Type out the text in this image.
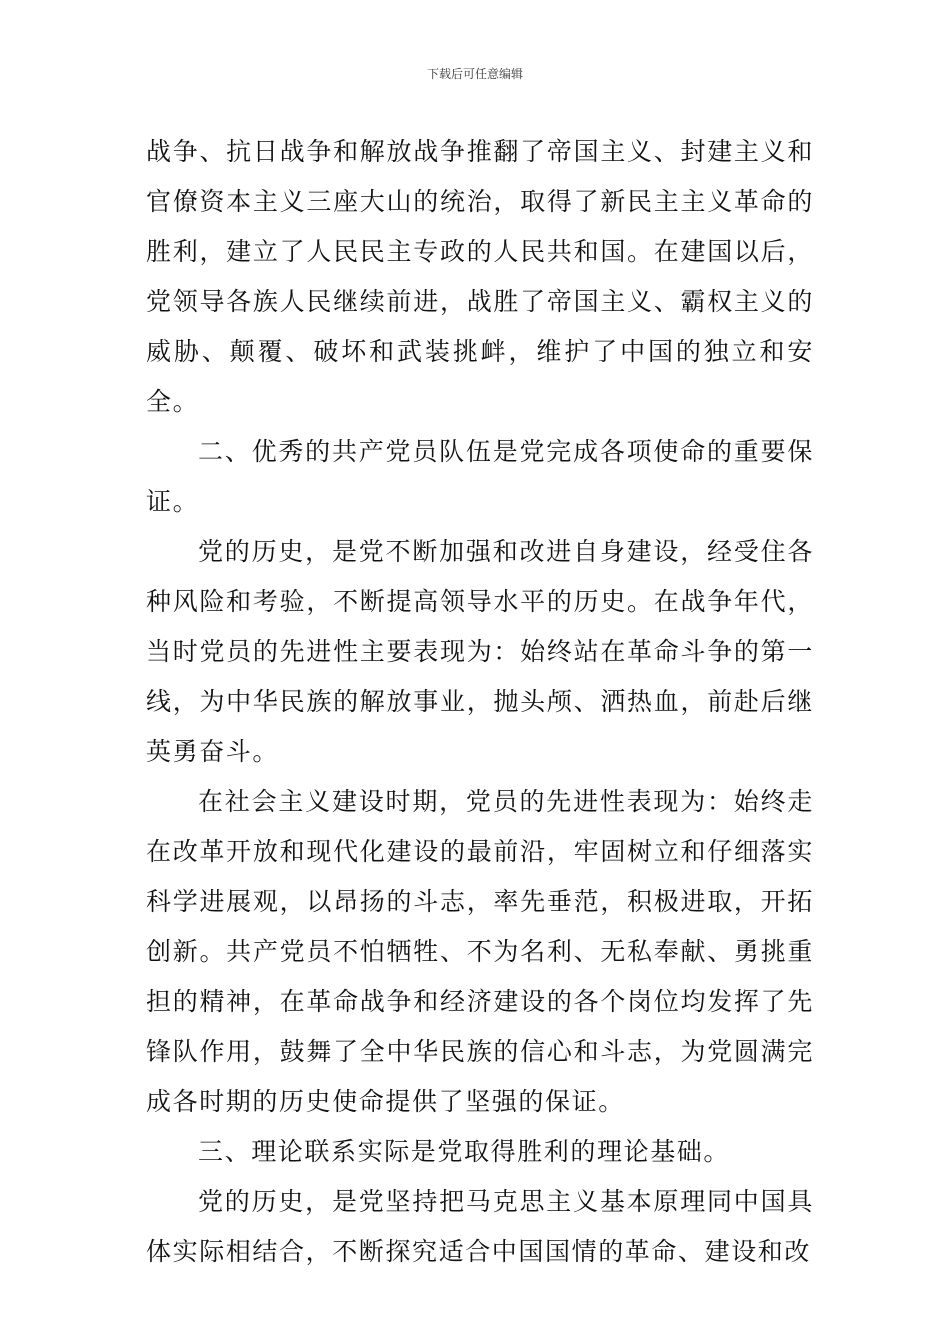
下载后可任意编辑

战争、抗日战争和解放战争推翻了帝国主义、封建主义和官僚资本主义三座大山的统治，取得了新民主主义革命的胜利，建立了人民民主专政的人民共和国。在建国以后，党领导各族人民继续前进，战胜了帝国主义、霸权主义的威胁、颠覆、破坏和武装挑衅，维护了中国的独立和安全。

二、优秀的共产党员队伍是党完成各项使命的重要保证。

党的历史，是党不断加强和改进自身建设，经受住各种风险和考验，不断提高领导水平的历史。在战争年代，当时党员的先进性主要表现为：始终站在革命斗争的第一线，为中华民族的解放事业，抛头颅、洒热血，前赴后继英勇奋斗。

在社会主义建设时期，党员的先进性表现为：始终走在改革开放和现代化建设的最前沿，牢固树立和仔细落实科学进展观，以昂扬的斗志，率先垂范，积极进取，开拓创新。共产党员不怕牺牲、不为名利、无私奉献、勇挑重担的精神，在革命战争和经济建设的各个岗位均发挥了先锋队作用，鼓舞了全中华民族的信心和斗志，为党圆满完成各时期的历史使命提供了坚强的保证。

三、理论联系实际是党取得胜利的理论基础。

党的历史，是党坚持把马克思主义基本原理同中国具体实际相结合，不断探究适合中国国情的革命、建设和改
